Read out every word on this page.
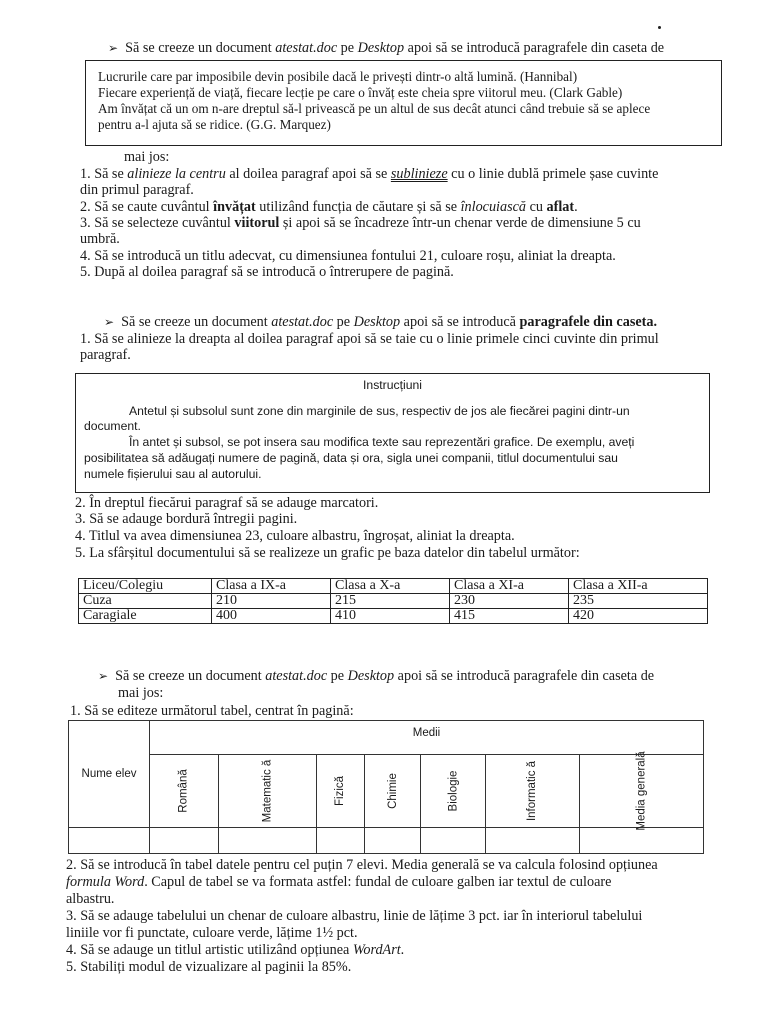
➢ Să se creeze un document atestat.doc pe Desktop apoi să se introducă paragrafele din caseta de
Lucrurile care par imposibile devin posibile dacă le privești dintr-o altă lumină. (Hannibal)
Fiecare experiență de viață, fiecare lecție pe care o învăț este cheia spre viitorul meu. (Clark Gable)
Am învățat că un om n-are dreptul să-l privească pe un altul de sus decât atunci când trebuie să se aplece
pentru a-l ajuta să se ridice. (G.G. Marquez)
mai jos:
1. Să se alinieze la centru al doilea paragraf apoi să se sublinieze cu o linie dublă primele șase cuvinte
din primul paragraf.
2. Să se caute cuvântul învățat utilizând funcția de căutare și să se înlocuiască cu aflat.
3. Să se selecteze cuvântul viitorul și apoi să se încadreze într-un chenar verde de dimensiune 5 cu
umbră.
4. Să se introducă un titlu adecvat, cu dimensiunea fontului 21, culoare roșu, aliniat la dreapta.
5. După al doilea paragraf să se introducă o întrerupere de pagină.
➢ Să se creeze un document atestat.doc pe Desktop apoi să se introducă paragrafele din caseta.
1. Să se alinieze la dreapta al doilea paragraf apoi să se taie cu o linie primele cinci cuvinte din primul
paragraf.
Instrucțiuni
Antetul și subsolul sunt zone din marginile de sus, respectiv de jos ale fiecărei pagini dintr-un
document.
În antet și subsol, se pot insera sau modifica texte sau reprezentări grafice. De exemplu, aveți
posibilitatea să adăugați numere de pagină, data și ora, sigla unei companii, titlul documentului sau
numele fișierului sau al autorului.
2. În dreptul fiecărui paragraf să se adauge marcatori.
3. Să se adauge bordură întregii pagini.
4. Titlul va avea dimensiunea 23, culoare albastru, îngroșat, aliniat la dreapta.
5. La sfârșitul documentului să se realizeze un grafic pe baza datelor din tabelul următor:
Liceu/Colegiu	Clasa a IX-a	Clasa a X-a	Clasa a XI-a	Clasa a XII-a
Cuza	210	215	230	235
Caragiale	400	410	415	420
➢ Să se creeze un document atestat.doc pe Desktop apoi să se introducă paragrafele din caseta de
mai jos:
1. Să se editeze următorul tabel, centrat în pagină:
Nume elev	Medii						
	Română	Matematic ă	Fizică	Chimie	Biologie	Informatic ă	Media generală

2. Să se introducă în tabel datele pentru cel puțin 7 elevi. Media generală se va calcula folosind opțiunea
formula Word. Capul de tabel se va formata astfel: fundal de culoare galben iar textul de culoare
albastru.
3. Să se adauge tabelului un chenar de culoare albastru, linie de lățime 3 pct. iar în interiorul tabelului
liniile vor fi punctate, culoare verde, lățime 1½ pct.
4. Să se adauge un titlul artistic utilizând opțiunea WordArt.
5. Stabiliți modul de vizualizare al paginii la 85%.
